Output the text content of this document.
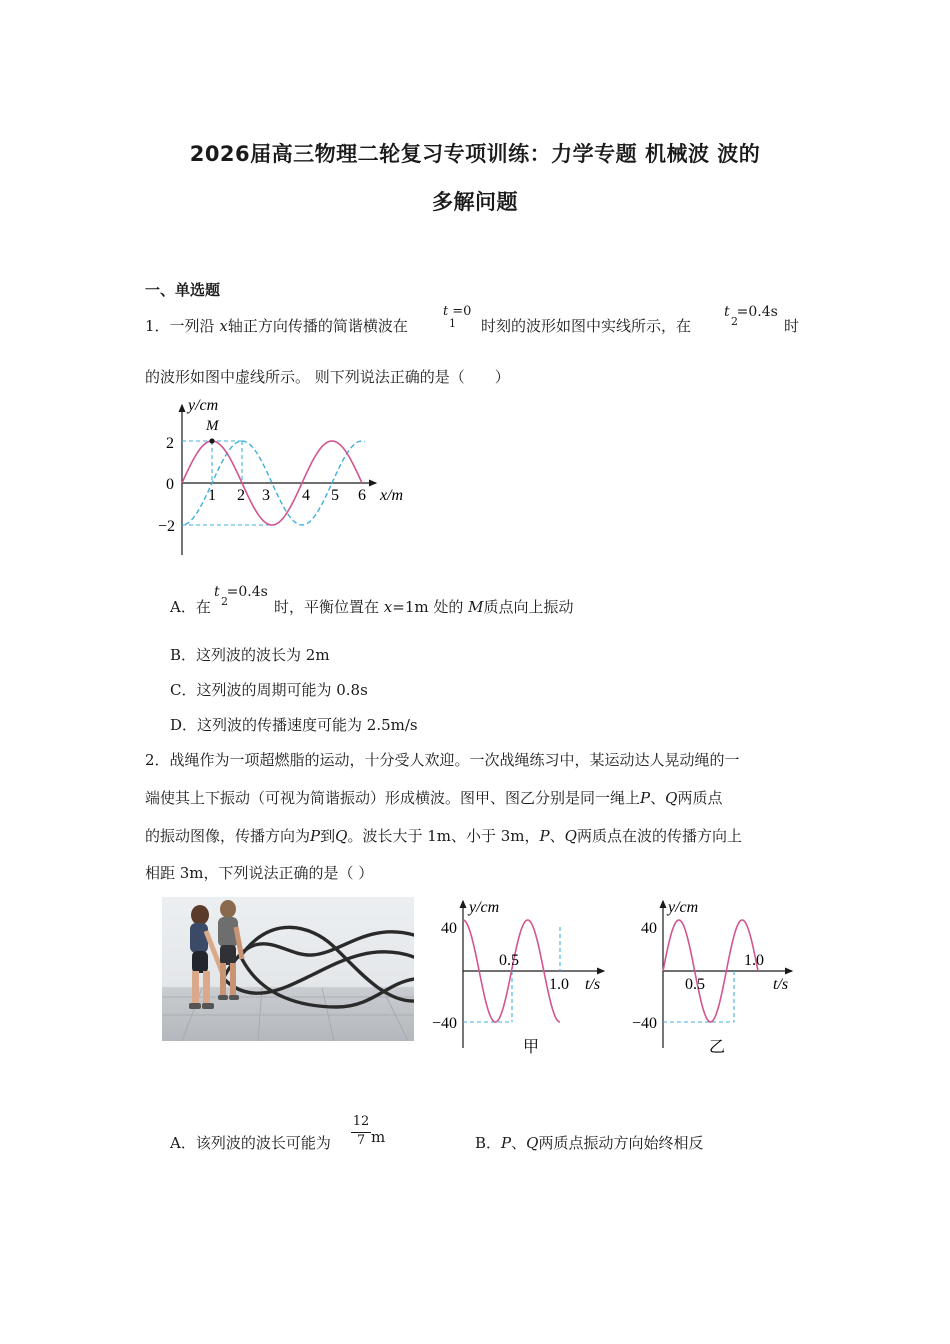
2026届高三物理二轮复习专项训练：力学专题 机械波 波的
多解问题
一、单选题
1．一列沿 x轴正方向传播的简谐横波在
t =0
1 时刻的波形如图中实线所示，在
t =0.4s
2	时
的波形如图中虚线所示。 则下列说法正确的是（　　）
M
y/cm
x/m
0
2
−2
1 2 3 4 5 6
A．在
t =0.4s
2	时，平衡位置在 x=1m 处的 M质点向上振动
B．这列波的波长为 2m
C．这列波的周期可能为 0.8s
D．这列波的传播速度可能为 2.5m/s
2．战绳作为一项超燃脂的运动，十分受人欢迎。一次战绳练习中，某运动达人晃动绳的一
端使其上下振动（可视为简谐振动）形成横波。图甲、图乙分别是同一绳上P、Q两质点
的振动图像，传播方向为P到Q。波长大于 1m、小于 3m，P、Q两质点在波的传播方向上
相距 3m，下列说法正确的是（ ）
y/cm
t/s
40
−40
0.5
1.0
甲
y/cm
t/s
40
−40
0.5
1.0
乙
A．该列波的波长可能为
12
7 m	B．P、Q两质点振动方向始终相反
